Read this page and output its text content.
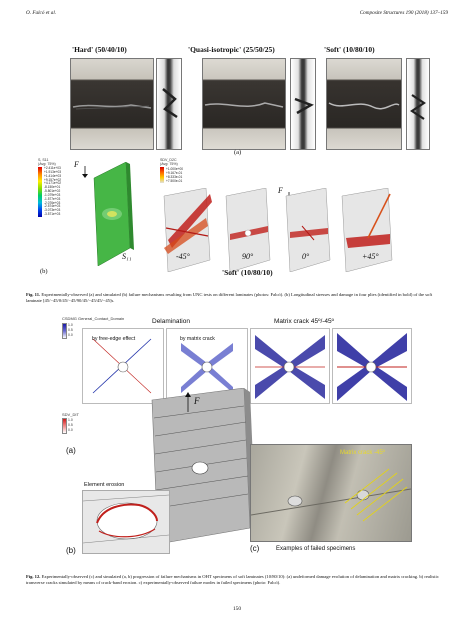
O. Falcó et al.	Composite Structures 190 (2018) 137–159
'Hard' (50/40/10)	'Quasi-isotropic' (25/50/25)	'Soft' (10/80/10)
(a)
S, S11
(Avg: 75%)
+2.411e+03
+1.913e+03
+1.414e+03
+9.157e+02
+4.171e+02
-8.150e+01
-5.801e+02
-1.079e+03
-1.577e+03
-2.076e+03
-2.574e+03
-3.073e+03
-3.571e+03
F	SDV_D2C
(Avg: 75%)
+1.000e+00
+9.167e-01
+8.333e-01
+7.500e-01
F
S₁₁	-45°	90°	0°	+45°
(b)	'Soft' (10/80/10)
Fig. 11. Experimentally-observed (a) and simulated (b) failure mechanisms resulting from UNC tests on different laminates (photos: Falcó). (b) Longitudinal stresses and damage in four plies (identified in bold) of the soft laminate [45/−45/0/45/−45/90/45/−45/45/−45]s.
CSDMG General_Contact_Domain
1.0
0.5
0.0
Delamination	Matrix crack 45º/-45º
by free-edge effect	by matrix crack
SDV_DIT
1.0
0.5
0.0
F
(a)
Element erosion
(b)
Matrix crack -45º
(c)	Examples of failed specimens
Fig. 12. Experimentally-observed (c) and simulated (a, b) progression of failure mechanisms in OHT specimens of soft laminates (10/80/10): (a) undeformed damage evolution of delamination and matrix cracking. b) realistic transverse cracks simulated by means of crack-band erosion. c) experimentally-observed failure modes in failed specimens (photo: Falcó).
150
